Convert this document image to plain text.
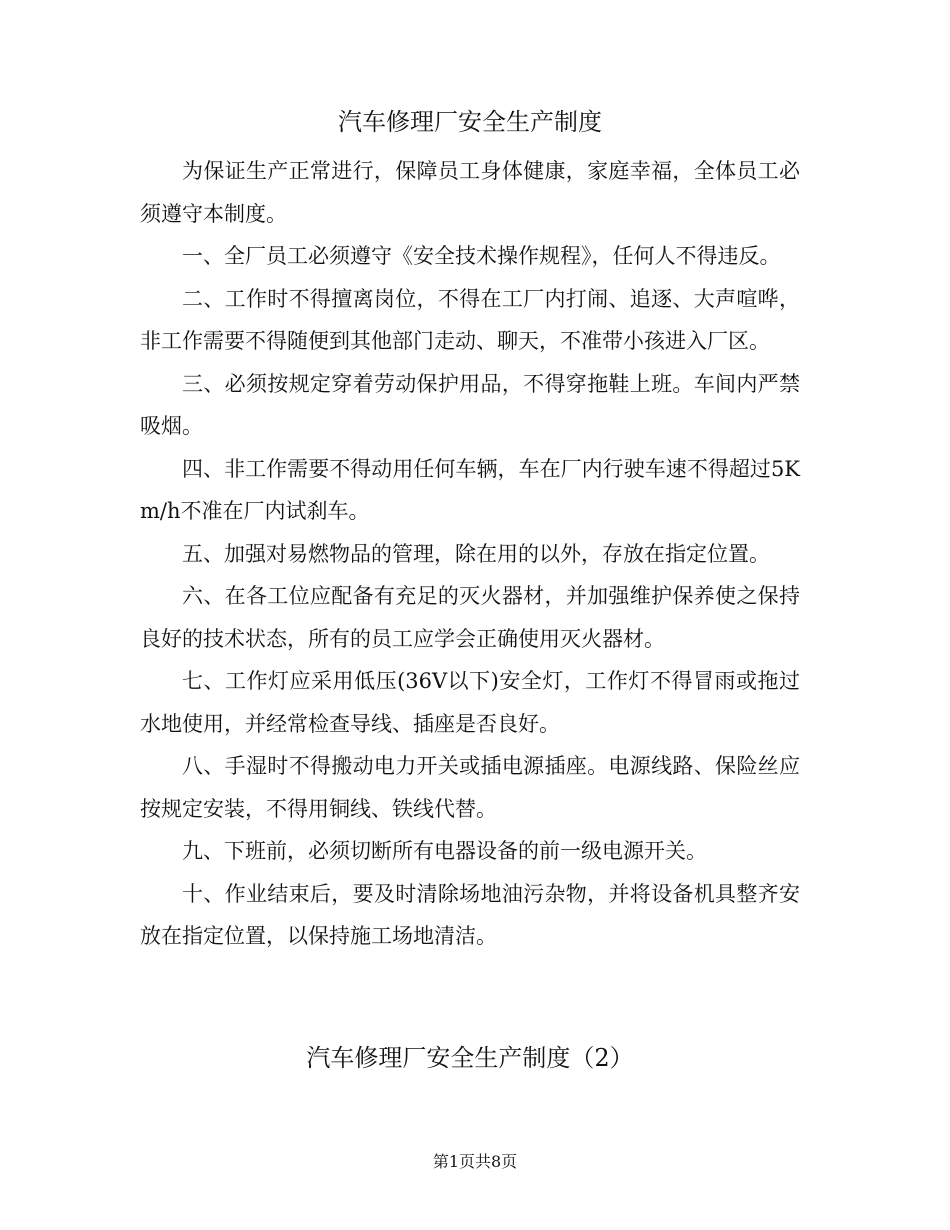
汽车修理厂安全生产制度

为保证生产正常进行，保障员工身体健康，家庭幸福，全体员工必须遵守本制度。

一、全厂员工必须遵守《安全技术操作规程》，任何人不得违反。

二、工作时不得擅离岗位，不得在工厂内打闹、追逐、大声喧哗，非工作需要不得随便到其他部门走动、聊天，不准带小孩进入厂区。

三、必须按规定穿着劳动保护用品，不得穿拖鞋上班。车间内严禁吸烟。

四、非工作需要不得动用任何车辆，车在厂内行驶车速不得超过5Km/h不准在厂内试刹车。

五、加强对易燃物品的管理，除在用的以外，存放在指定位置。

六、在各工位应配备有充足的灭火器材，并加强维护保养使之保持良好的技术状态，所有的员工应学会正确使用灭火器材。

七、工作灯应采用低压(36V以下)安全灯，工作灯不得冒雨或拖过水地使用，并经常检查导线、插座是否良好。

八、手湿时不得搬动电力开关或插电源插座。电源线路、保险丝应按规定安装，不得用铜线、铁线代替。

九、下班前，必须切断所有电器设备的前一级电源开关。

十、作业结束后，要及时清除场地油污杂物，并将设备机具整齐安放在指定位置，以保持施工场地清洁。

汽车修理厂安全生产制度（2）

第1页共8页
